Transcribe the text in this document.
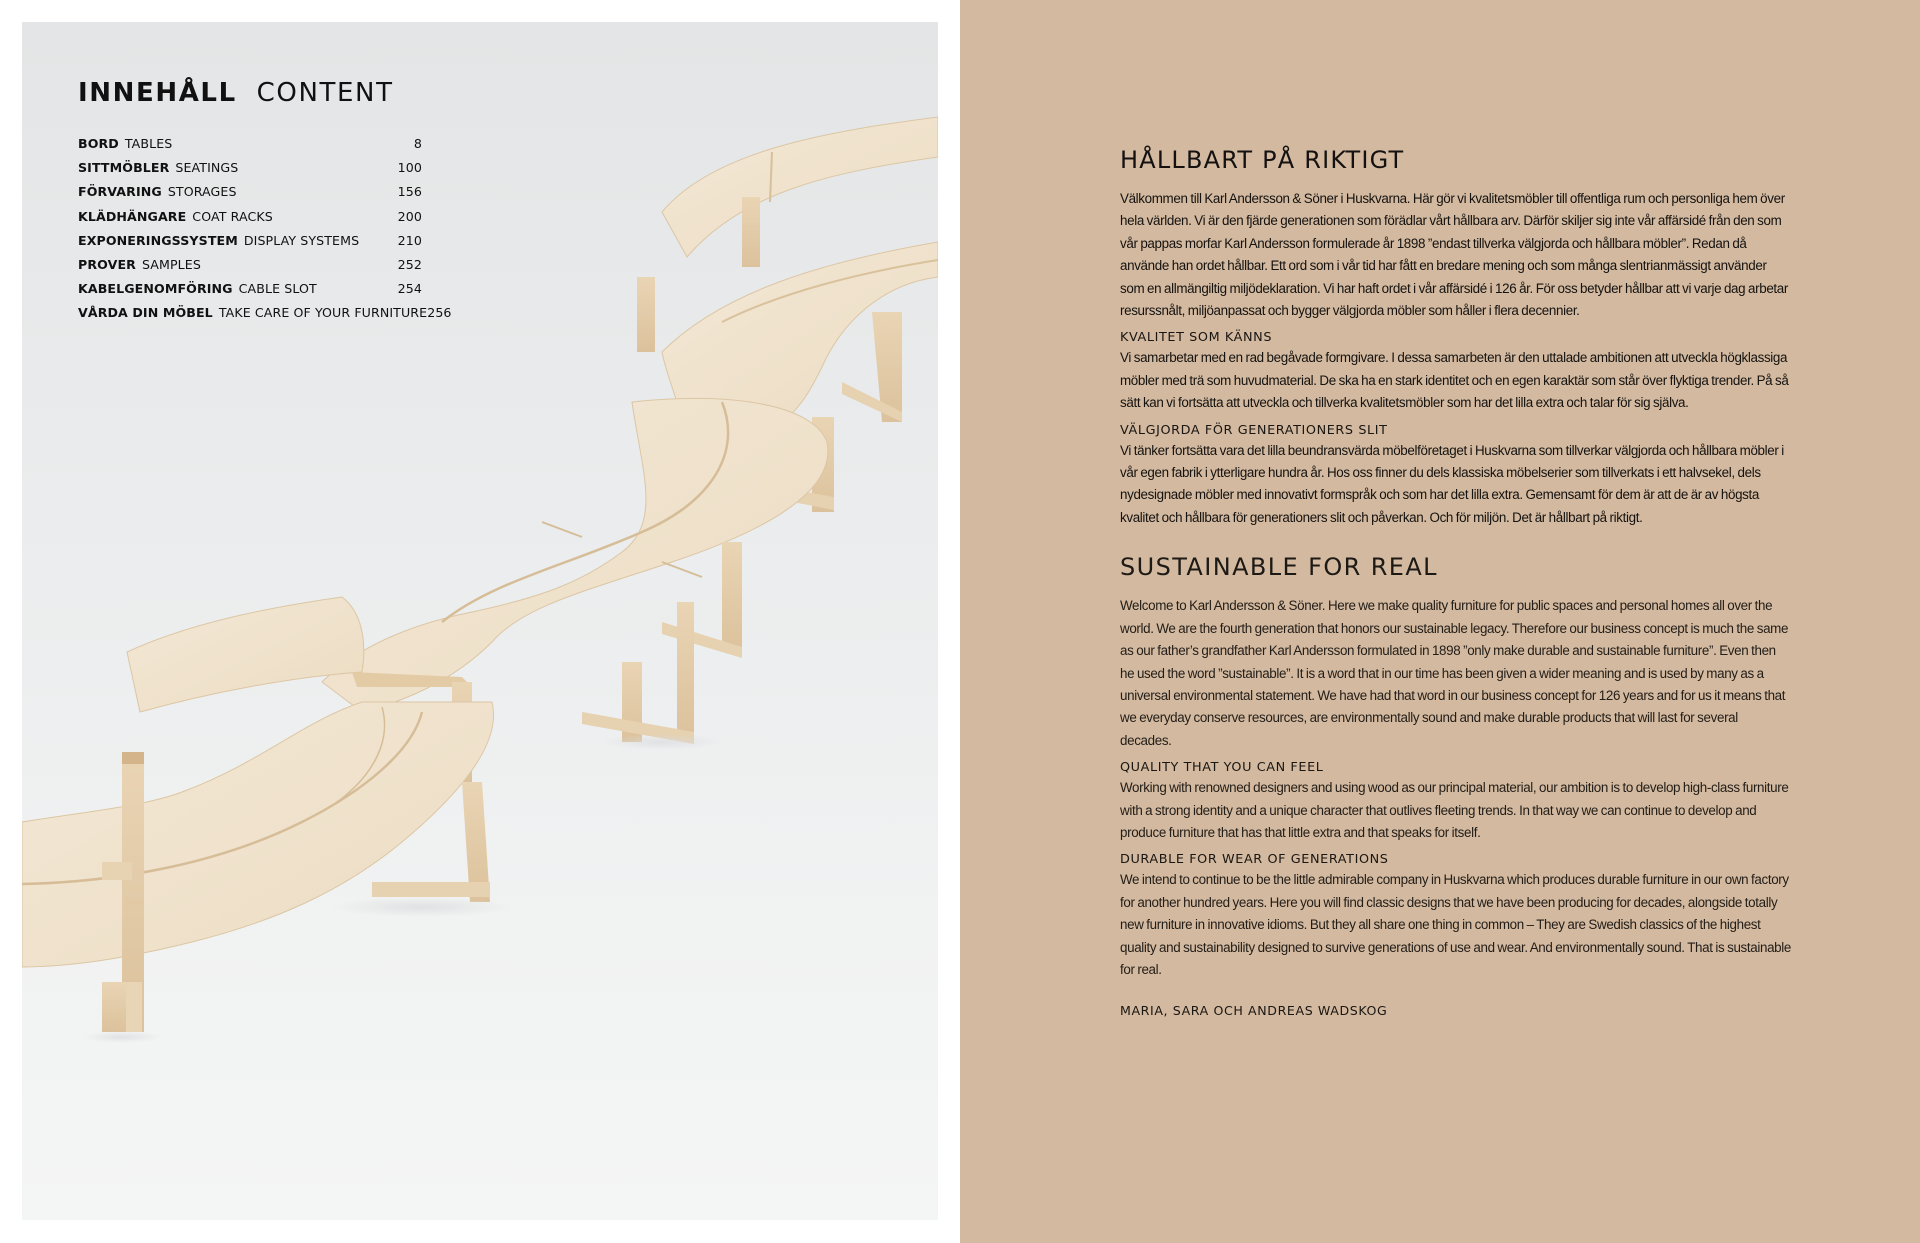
INNEHÅLL CONTENT
BORD TABLES	8
SITTMÖBLER SEATINGS	100
FÖRVARING STORAGES	156
KLÄDHÄNGARE COAT RACKS	200
EXPONERINGSSYSTEM DISPLAY SYSTEMS	210
PROVER SAMPLES	252
KABELGENOMFÖRING CABLE SLOT	254
VÅRDA DIN MÖBEL TAKE CARE OF YOUR FURNITURE 256
HÅLLBART PÅ RIKTIGT

Välkommen till Karl Andersson & Söner i Huskvarna. Här gör vi kvalitetsmöbler till offentliga rum och personliga hem över hela världen. Vi är den fjärde generationen som förädlar vårt hållbara arv. Därför skiljer sig inte vår affärsidé från den som vår pappas morfar Karl Andersson formulerade år 1898 ”endast tillverka välgjorda och hållbara möbler”. Redan då använde han ordet hållbar. Ett ord som i vår tid har fått en bredare mening och som många slentrianmässigt använder som en allmängiltig miljödeklaration. Vi har haft ordet i vår affärsidé i 126 år. För oss betyder hållbar att vi varje dag arbetar resurssnålt, miljöanpassat och bygger välgjorda möbler som håller i flera decennier.

KVALITET SOM KÄNNS

Vi samarbetar med en rad begåvade formgivare. I dessa samarbeten är den uttalade ambitionen att utveckla högklassiga möbler med trä som huvudmaterial. De ska ha en stark identitet och en egen karaktär som står över flyktiga trender. På så sätt kan vi fortsätta att utveckla och tillverka kvalitetsmöbler som har det lilla extra och talar för sig själva.

VÄLGJORDA FÖR GENERATIONERS SLIT

Vi tänker fortsätta vara det lilla beundransvärda möbelföretaget i Huskvarna som tillverkar välgjorda och hållbara möbler i vår egen fabrik i ytterligare hundra år. Hos oss finner du dels klassiska möbelserier som tillverkats i ett halvsekel, dels nydesignade möbler med innovativt formspråk och som har det lilla extra. Gemensamt för dem är att de är av högsta kvalitet och hållbara för generationers slit och påverkan. Och för miljön. Det är hållbart på riktigt.

SUSTAINABLE FOR REAL

Welcome to Karl Andersson & Söner. Here we make quality furniture for public spaces and personal homes all over the world. We are the fourth generation that honors our sustainable legacy. Therefore our business concept is much the same as our father’s grandfather Karl Andersson formulated in 1898 ”only make durable and sustainable furniture”. Even then he used the word ”sustainable”. It is a word that in our time has been given a wider meaning and is used by many as a universal environmental statement. We have had that word in our business concept for 126 years and for us it means that we everyday conserve resources, are environmentally sound and make durable products that will last for several decades.

QUALITY THAT YOU CAN FEEL

Working with renowned designers and using wood as our principal material, our ambition is to develop high-class furniture with a strong identity and a unique character that outlives fleeting trends. In that way we can continue to develop and produce furniture that has that little extra and that speaks for itself.

DURABLE FOR WEAR OF GENERATIONS

We intend to continue to be the little admirable company in Huskvarna which produces durable furniture in our own factory for another hundred years. Here you will find classic designs that we have been producing for decades, alongside totally new furniture in innovative idioms. But they all share one thing in common – They are Swedish classics of the highest quality and sustainability designed to survive generations of use and wear. And environmentally sound. That is sustainable for real.

MARIA, SARA OCH ANDREAS WADSKOG
